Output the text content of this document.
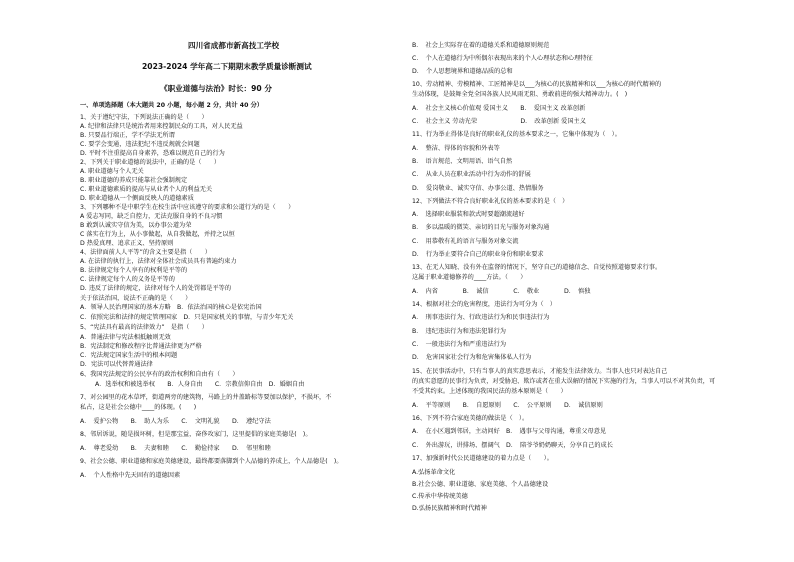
四川省成都市新高技工学校
2023-2024 学年高二下期期末教学质量诊断测试
《职业道德与法治》时长：90 分
一、单项选择题（本大题共 20 小题，每小题 2 分，共计 40 分）
1、关于遵纪守法，下列说法正确的是（　　）
A. 纪律和法律只是统治者用来控制民众的工具，对人民无益
B. 只要品行端正，学不学法无所谓
C. 要学会变通，违法犯纪不违反规就会问题
D. 平时不注重提高自身素养，恐难以规范自己的行为
2、下列关于职业道德的说法中，正确的是（　　）
A. 职业道德与个人无关
B. 职业道德的养成只能靠社会强制规定
C. 职业道德素质的提高与从业者个人的利益无关
D. 职业道德从一个侧面反映人的道德素质
3、下列哪种不是中职学生在校生活中应该遵守的要求和公道行为的是（　　）
A 爱志写同，缺乏自控力，无法克服自身的不良习惯
B 敢到认诚实守信为美，以办事公道为荣
C 落实在行为上，从小事做起，从自我做起，并持之以恒
D 热爱真理、追求正义、坚持原则
4、法律面前人人平等”的含义主要是指（　　）
A. 在法律的执行上，法律对全体社会成员具有普遍约束力
B. 法律规定每个人享有的权利是平等的
C. 法律规定每个人的义务是平等的
D. 违反了法律的规定，法律对每个人的处罚都是平等的
关于依法治国，说法不正确的是（　　）
A．领导人民治理国家的基本方略　B．依法治国的核心是依宪治国
C．依照宪法和法律的规定管理国家　D．只是国家机关的事情，与青少年无关
5、“宪法具有最高的法律效力”　是指（　　）
A．普通法律与宪法相抵触则无效
B．宪法制定和修改程序比普通法律更为严格
C．宪法规定国家生活中的根本问题
D．宪法可以代替普通法律
6、我国宪法规定的公民享有的政治权利和自由有（　　）
A．选举权和被选举权　　B．人身自由　　C．宗教信仰自由　D．婚姻自由
7、对公园里的花木草坪，街道两旁的建筑物，马路上的井盖路标等要加以保护，不损坏，不
私占，这是社会公德中____的体现。(　　)
A．　爱护公物　　B．　助人为乐　　C．　文明礼貌　　D．　遵纪守法
8、邻居诉说，随是损坏树，但是那宝益，奋侈攻家门，这里提倡的家庭美德是(　)。
A．　尊老爱幼　　B．　夫妻和睦　　C．　勤俭持家　　D．　邻里和睦
9、社会公德、职业道德和家庭美德建设，最终都要落脚到个人品德的养成上，个人品德是(　)。
A．　个人性格中先天固有的道德因素
B．　社会上实际存在着的道德关系和道德原则规范
C．　个人在道德行为中所偶尔表现出来的个人心理状态和心理特征
D．　个人思想境界和道德品质的总和
10、劳动精神、劳模精神、工匠精神是以___为核心的民族精神和以___为核心的时代精神的
生动体现，是鼓舞全党全国各族人民风雨无阻、勇敢前进的强大精神动力。(　)
A．　社会主义核心价值观 爱国主义　　B．　爱国主义 改革创新
C．　社会主义 劳动光荣　　　　　　　D．　改革创新 爱国主义
11、行为举止得体是良好的职业礼仪的基本要求之一，它集中体现为（　）。
A．　整洁、得体的容貌和外表等
B．　语言规范、文明用语、语气自然
C．　从业人员在职业活动中行为动作的舒展
D．　爱岗敬业、诚实守信、办事公道、热情服务
12、下列做法不符合良好职业礼仪的基本要求的是（　）
A．　选择职业服装和款式时要超潮流越好
B．　多以温暖的微笑、亲切的目光与服务对象沟通
C．　用恭敬有礼的语言与服务对象交流
D．　行为举止要符合自己的职业身份和职业要求
13、在无人知晓、没有外在监督的情况下，坚守自己的道德信念、自觉按照道德要求行事。
这属于职业道德修养的____方法。（　　）
A．　内省　　　　B．　诚信　　　　C．　敬业　　　　D．　慎独
14、根据对社会的危害程度，违法行为可分为（　）
A．　刑事违法行为、行政违法行为和民事违法行为
B．　违纪违法行为和违法犯罪行为
C．　一般违法行为和严重违法行为
D．　危害国家社会行为和危害集体私人行为
15、在民事活动中，只有当事人的真实意思表示，才能发生法律效力。当事人也只对表达自己
的真实意愿的民事行为负责，对受胁迫、欺诈或者在重大误解的情况下实施的行为，当事人可以不对其负责，可
不受其约束。上述体现的我国民法的基本原则是（　　）
A．　平等原则　　B．　自愿原则　　C．　公平原则　　D．　诚信原则
16、下列不符合家庭美德的做法是（　）。
A．　在小区遇到邻居，主动问好　B．　遇事与父母沟通，尊重父母意见
C．　外出游玩，讲排场、摆阔气　D．　陪爷爷奶奶聊天，分享自己的成长
17、加强新时代公民道德建设的着力点是（　　）。
A.弘扬革命文化
B.社会公德、职业道德、家庭美德、个人品德建设
C.传承中华传统美德
D.弘扬民族精神和时代精神
